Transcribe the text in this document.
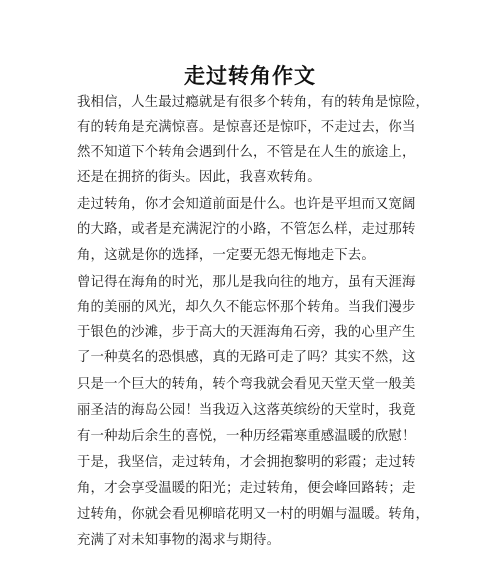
走过转角作文
我相信，人生最过瘾就是有很多个转角，有的转角是惊险，
有的转角是充满惊喜。是惊喜还是惊吓，不走过去，你当
然不知道下个转角会遇到什么，不管是在人生的旅途上，
还是在拥挤的街头。因此，我喜欢转角。
走过转角，你才会知道前面是什么。也许是平坦而又宽阔
的大路，或者是充满泥泞的小路，不管怎么样，走过那转
角，这就是你的选择，一定要无怨无悔地走下去。
曾记得在海角的时光，那儿是我向往的地方，虽有天涯海
角的美丽的风光，却久久不能忘怀那个转角。当我们漫步
于银色的沙滩，步于高大的天涯海角石旁，我的心里产生
了一种莫名的恐惧感，真的无路可走了吗？其实不然，这
只是一个巨大的转角，转个弯我就会看见天堂天堂一般美
丽圣洁的海岛公园！当我迈入这落英缤纷的天堂时，我竟
有一种劫后余生的喜悦，一种历经霜寒重感温暖的欣慰！
于是，我坚信，走过转角，才会拥抱黎明的彩霞；走过转
角，才会享受温暖的阳光；走过转角，便会峰回路转；走
过转角，你就会看见柳暗花明又一村的明媚与温暖。转角，
充满了对未知事物的渴求与期待。
